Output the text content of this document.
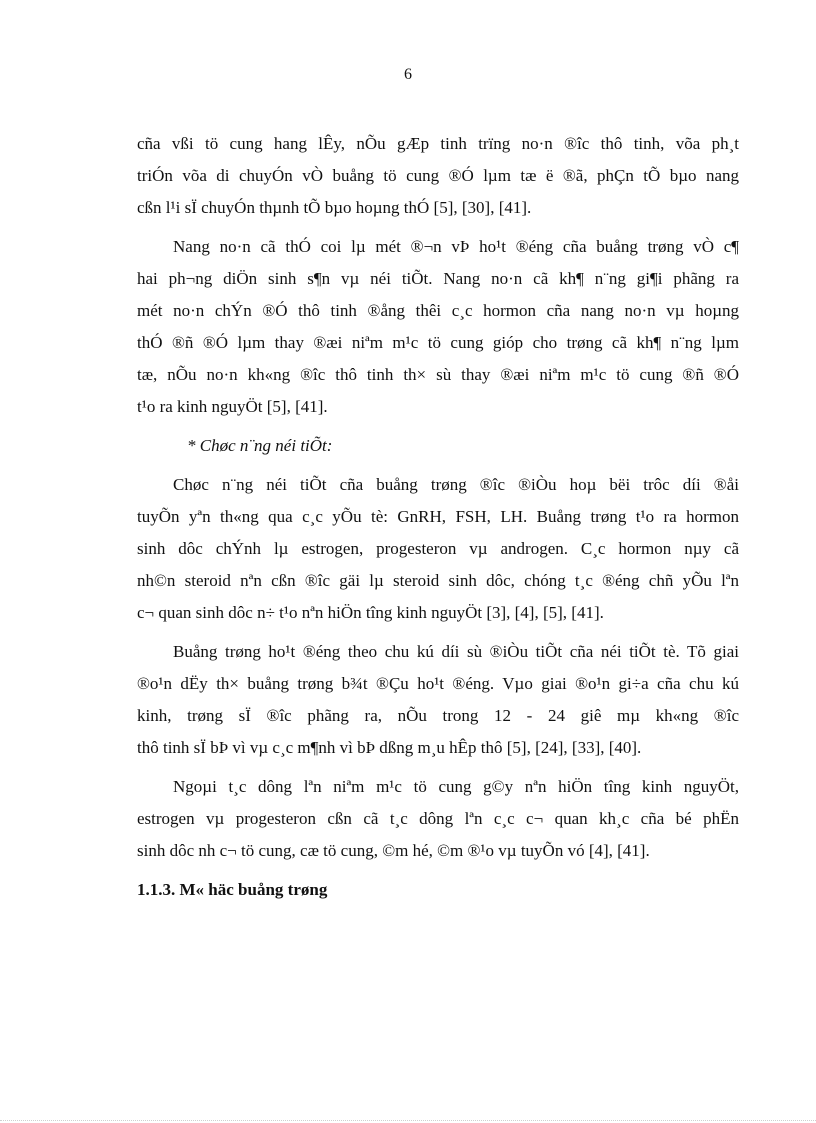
6

cña vßi tö cung hang lÊy, nÕu gÆp tinh trïng no·n ®îc thô tinh, võa ph¸t
triÓn võa di chuyÓn vÒ buång tö cung ®Ó lµm tæ ë ®ã, phÇn tÕ bµo nang
cßn l¹i sÏ chuyÓn thµnh tÕ bµo hoµng thÓ [5], [30], [41].

Nang no·n cã thÓ coi lµ mét ®¬n vÞ ho¹t ®éng cña buång trøng vÒ c¶
hai ph¬ng diÖn sinh s¶n vµ néi tiÕt. Nang no·n cã kh¶ n¨ng gi¶i phãng ra
mét no·n chÝn ®Ó thô tinh ®ång thêi c¸c hormon cña nang no·n vµ hoµng
thÓ ®ñ ®Ó lµm thay ®æi niªm m¹c tö cung gióp cho trøng cã kh¶ n¨ng lµm
tæ, nÕu no·n kh«ng ®îc thô tinh th× sù thay ®æi niªm m¹c tö cung ®ñ ®Ó
t¹o ra kinh nguyÖt [5], [41].

* Chøc n¨ng néi tiÕt:

Chøc n¨ng néi tiÕt cña buång trøng ®îc ®iÒu hoµ bëi trôc díi ®åi
tuyÕn yªn th«ng qua c¸c yÕu tè: GnRH, FSH, LH. Buång trøng t¹o ra hormon
sinh dôc chÝnh lµ estrogen, progesteron vµ androgen. C¸c hormon nµy cã
nh©n steroid nªn cßn ®îc gäi lµ steroid sinh dôc, chóng t¸c ®éng chñ yÕu lªn
c¬ quan sinh dôc n÷ t¹o nªn hiÖn tîng kinh nguyÖt [3], [4], [5], [41].

Buång trøng ho¹t ®éng theo chu kú díi sù ®iÒu tiÕt cña néi tiÕt tè. Tõ giai
®o¹n dËy th× buång trøng b¾t ®Çu ho¹t ®éng. Vµo giai ®o¹n gi÷a cña chu kú
kinh, trøng sÏ ®îc phãng ra, nÕu trong 12 - 24 giê mµ kh«ng ®îc
thô tinh sÏ bÞ vì vµ c¸c m¶nh vì bÞ dßng m¸u hÊp thô [5], [24], [33], [40].

Ngoµi t¸c dông lªn niªm m¹c tö cung g©y nªn hiÖn tîng kinh nguyÖt,
estrogen vµ progesteron cßn cã t¸c dông lªn c¸c c¬ quan kh¸c cña bé phËn
sinh dôc nh c¬ tö cung, cæ tö cung, ©m hé, ©m ®¹o vµ tuyÕn vó [4], [41].

1.1.3. M« häc buång trøng
